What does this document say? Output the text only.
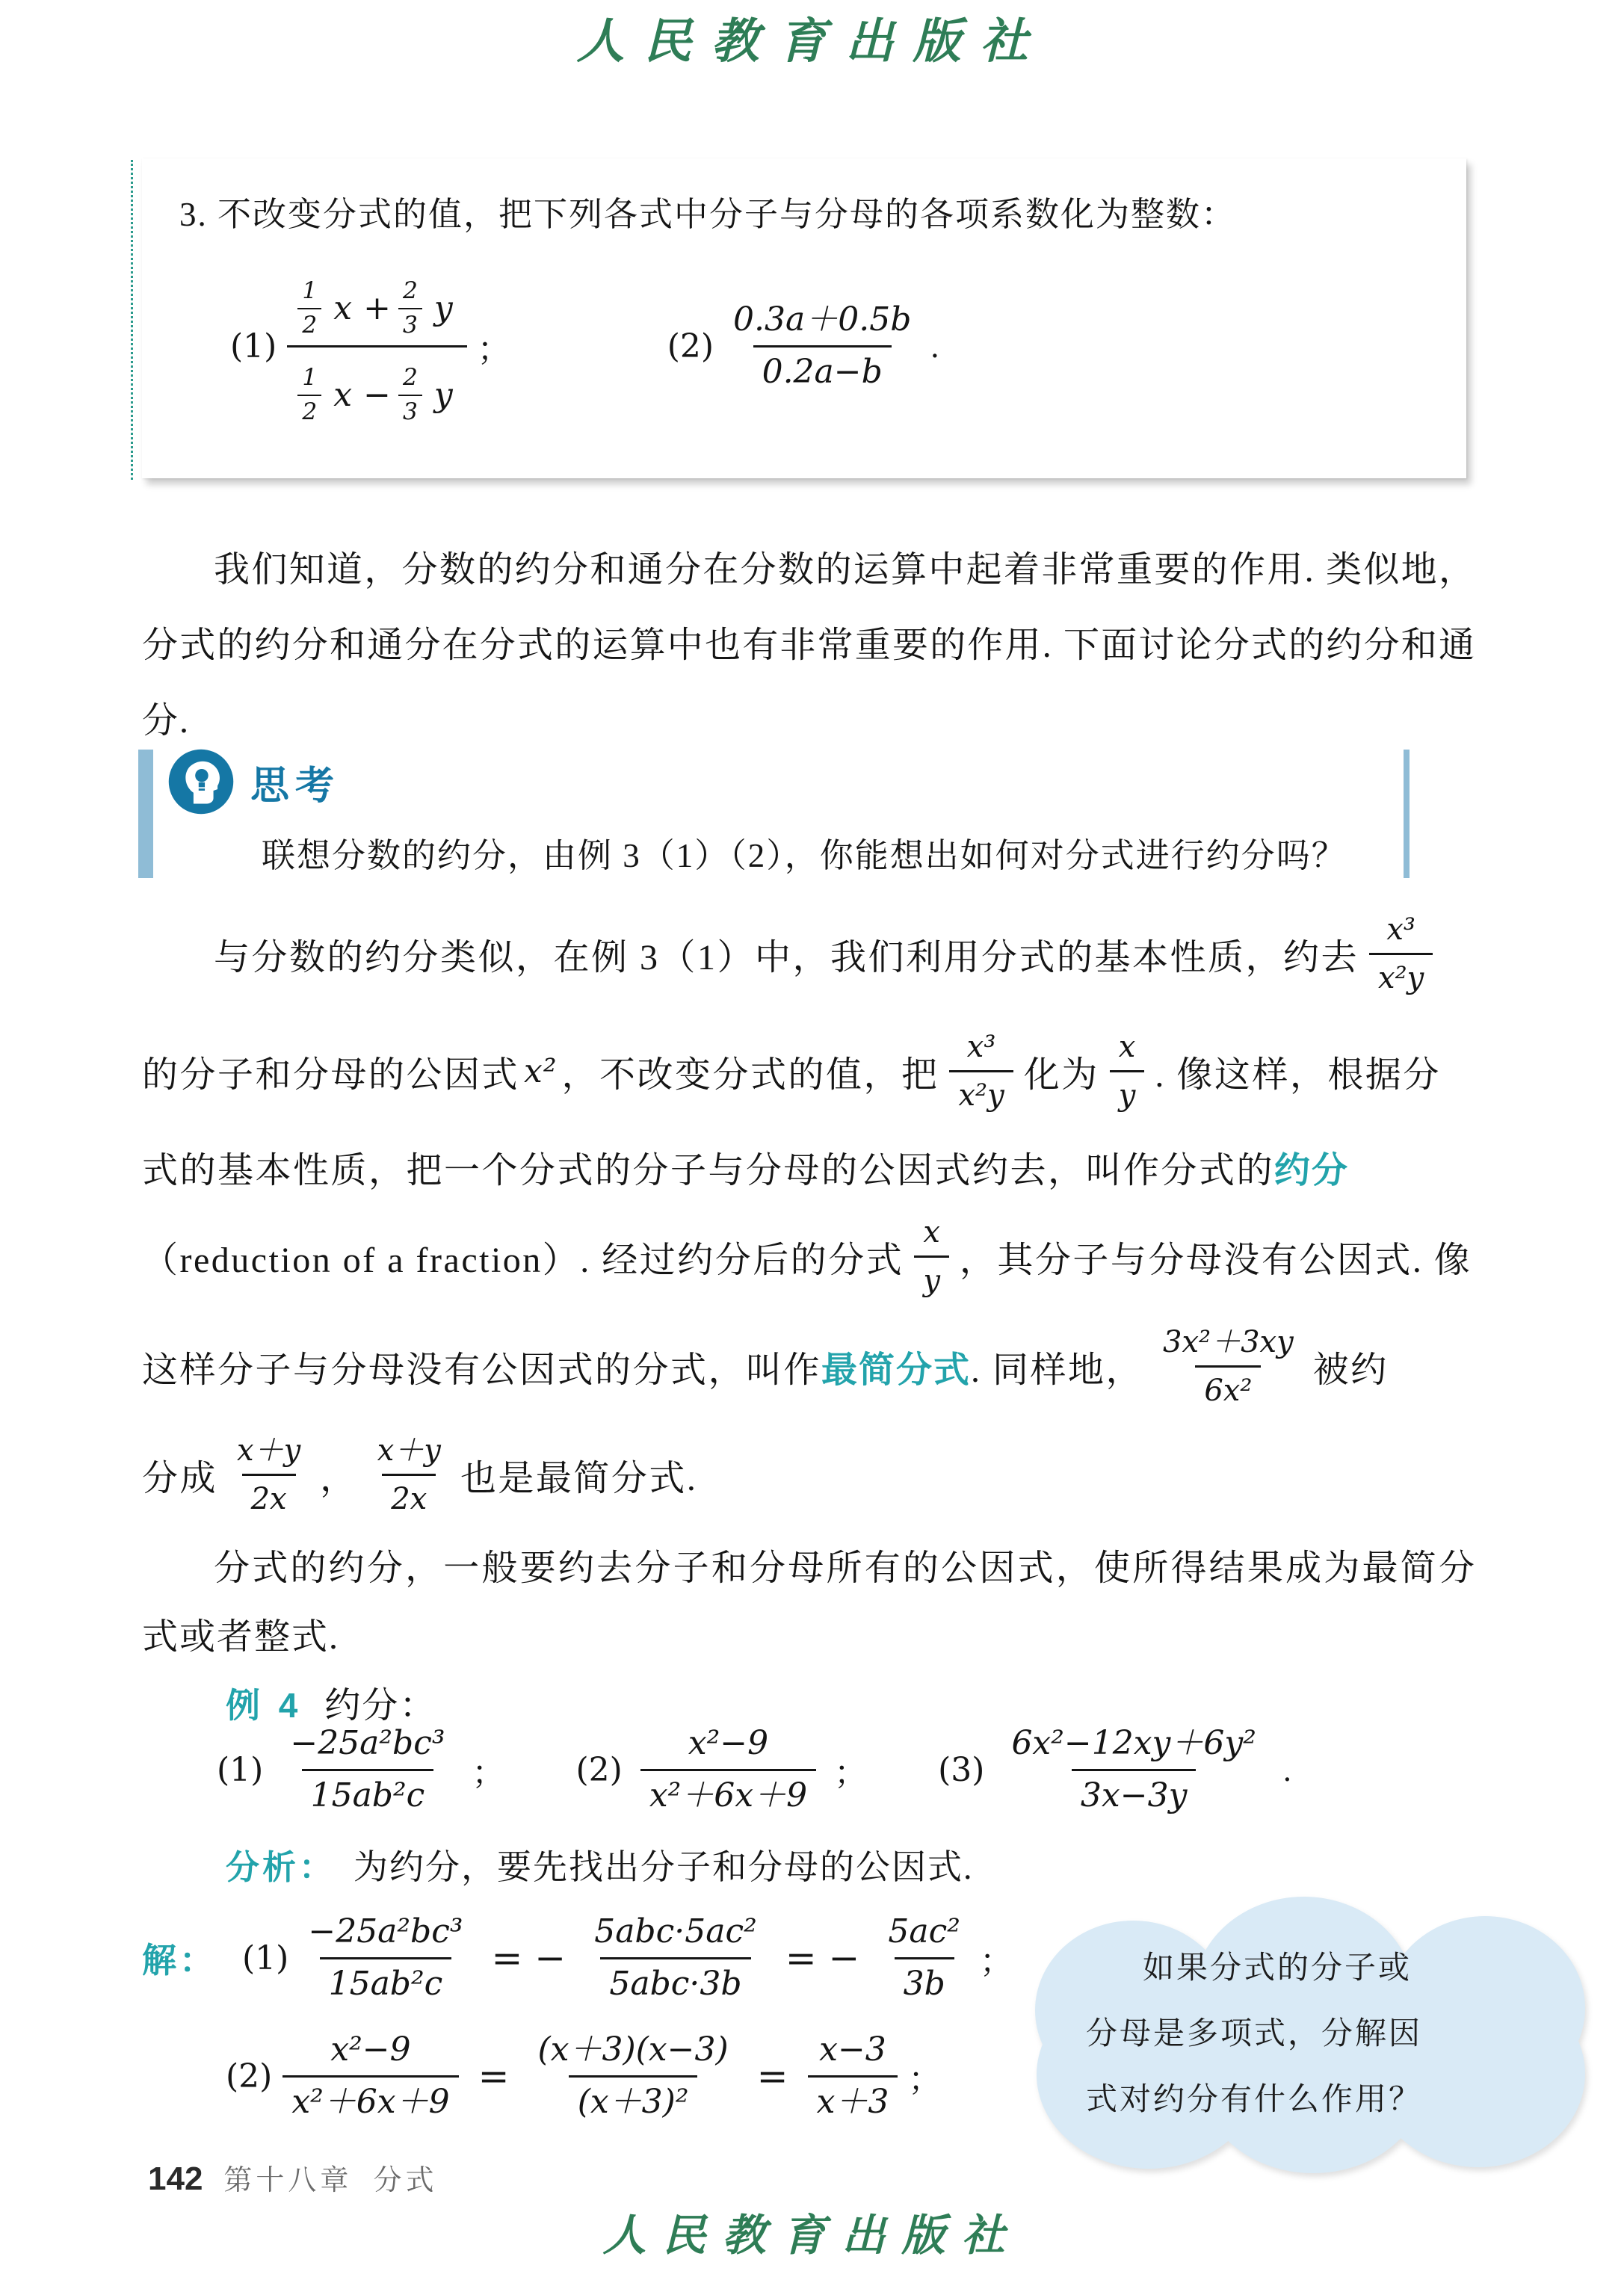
人民教育出版社
3. 不改变分式的值，把下列各式中分子与分母的各项系数化为整数：
(1)
$\frac{1}{2}$ $x + \frac{2}{3}$ y
$\frac{1}{2}$ $x - \frac{2}{3}$ y
；	$(2) \frac{0.3a+0.5b}{0.2a-b}$ .
我们知道，分数的约分和通分在分数的运算中起着非常重要的作用. 类似地，分式的约分和通分在分式的运算中也有非常重要的作用. 下面讨论分式的约分和通分.
思考
联想分数的约分，由例 3（1）（2），你能想出如何对分式进行约分吗？
与分数的约分类似，在例 3（1）中，我们利用分式的基本性质，约去 $\frac{\text{x³}}{\text{x²y}}$
的分子和分母的公因式 x² ，不改变分式的值，把 $\frac{\text{x³}}{\text{x²y}}$ 化为 $\frac{x}{y}$ . 像这样，根据分
式的基本性质，把一个分式的分子与分母的公因式约去，叫作分式的 约分
（reduction of a fraction）. 经过约分后的分式 $\frac{x}{y}$ ，其分子与分母没有公因式. 像
这样分子与分母没有公因式的分式，叫作 最简分式 . 同样地， $\frac{\text{3x²＋3xy}}{\text{6x²}}$ 被约
分成 $\frac{x+y}{2x}$ ， $\frac{x+y}{2x}$ 也是最简分式.
分式的约分，一般要约去分子和分母所有的公因式，使所得结果成为最简分式或者整式.
例 4 约分：
$(1) \frac{\text{−25a²bc³}}{\text{15ab²c}}$ ； $(2) \frac{\text{x²−9}}{\text{x²＋6x＋9}}$ ； $(3) \frac{\text{6x²−12xy＋6y²}}{3x-3y}$ .
分析： 为约分，要先找出分子和分母的公因式.
解： $(1) \frac{\text{−25a²bc³}}{\text{15ab²c}}$ = − $\frac{\text{5abc·5ac²}}{\text{5abc·3b}}$ = − $\frac{\text{5ac²}}{3b}$ ；
$(2) \frac{\text{x²−9}}{\text{x²＋6x＋9}} = \frac{(x+3)(x-3)}{\text{(x＋3)²}} = \frac{x-3}{x+3}$ ；
如果分式的分子或
分母是多项式，分解因
式对约分有什么作用？
142 第十八章 分式
人民教育出版社
